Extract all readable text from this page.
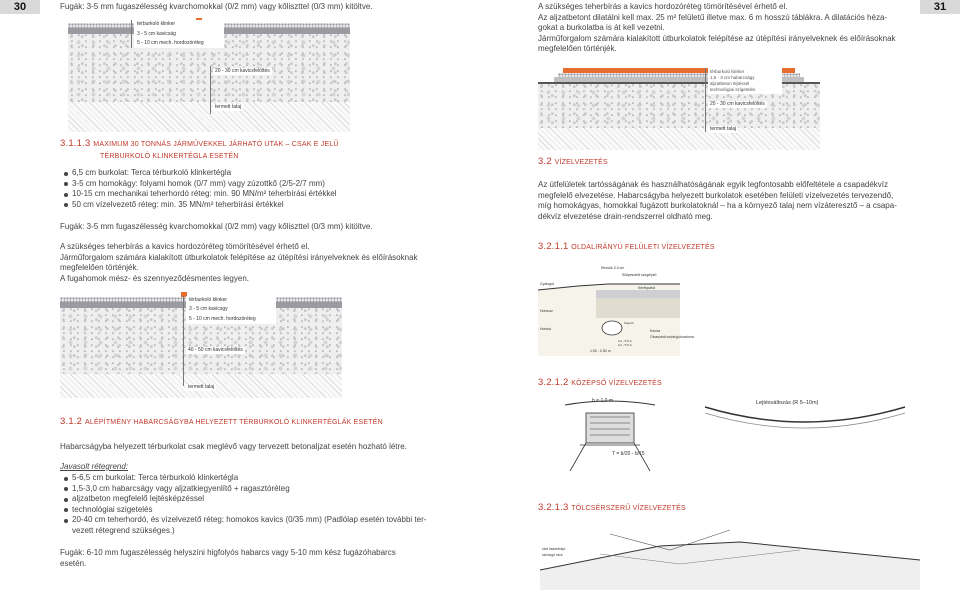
30	Fugák: 3-5 mm fugaszélesség kvarchomokkal (0/2 mm) vagy kőliszttel (0/3 mm) kitöltve.
térburkoló klinker
3 - 5 cm kavicság
5 - 10 cm mech. hordozóréteg
20 - 30 cm kavicsfelöltés
termett talaj
3.1.1.3 MAXIMUM 30 TONNÁS JÁRMŰVEKKEL JÁRHATÓ UTAK – CSAK E JELŰ
TÉRBURKOLÓ KLINKERTÉGLA ESETÉN
6,5 cm burkolat: Terca térburkoló klinkertégla
3-5 cm homokágy: folyami homok (0/7 mm) vagy zúzottkő (2/5-2/7 mm)
10-15 cm mechanikai teherhordó réteg: min. 90 MN/m² teherbírási értékkel
50 cm vízelvezető réteg: min. 35 MN/m² teherbírási értékkel
Fugák: 3-5 mm fugaszélesség kvarchomokkal (0/2 mm) vagy kőliszttel (0/3 mm) kitöltve.
A szükséges teherbírás a kavics hordozóréteg tömörítésével érhető el.
Járműforgalom számára kialakított útburkolatok felépítése az útépítési irányelveknek és előírásoknak
megfelelően történjék.
A fugahomok mész- és szennyeződésmentes legyen.
térburkoló klinker
3 - 5 cm kavicsgy
5 - 10 cm mech. hordozóréteg
40 - 50 cm kavicsfelöltés
termett talaj
3.1.2 ALÉPÍTMÉNY HABARCSÁGYBA HELYEZETT TÉRBURKOLÓ KLINKERTÉGLÁK ESETÉN
Habarcságyba helyezett térburkolat csak meglévő vagy tervezett betonaljzat esetén hozható létre.
Javasolt rétegrend:
5-6,5 cm burkolat: Terca térburkoló klinkertégla
1,5-3,0 cm habarcságy vagy aljzatkiegyenlítő + ragasztóréteg
aljzatbeton megfelelő lejtésképzéssel
technológiai szigetelés
20-40 cm teherhordó, és vízelvezető réteg: homokos kavics (0/35 mm) (Padlólap esetén további ter-
vezett rétegrend szükséges.)
Fugák: 6-10 mm fugaszélesség helyszíni higfolyós habarcs vagy 5-10 mm kész fugázóhabarcs
esetén.
31
A szükséges teherbírás a kavics hordozóréteg tömörítésével érhető el.
Az aljzatbetont dilatálni kell max. 25 m² felületű illetve max. 6 m hosszú táblákra. A dilatációs héza-
gokat a burkolatba is át kell vezetni.
Járműforgalom számára kialakított útburkolatok felépítése az útépítési irányelveknek és előírásoknak
megfelelően történjék.
térburkoló klinker
1,5 - 3 cm habarcságy
aljzatbeton lejtéssel
technológiai szigetelés
20 - 30 cm kavicsfelöltés
termett talaj
3.2 VÍZELVEZETÉS
Az útfelületek tartósságának és használhatóságának egyik legfontosabb előfeltétele a csapadékvíz
megfelelő elvezetése. Habarcságyba helyezett burkolatok esetében felületi vízelvezetés tervezendő,
míg homokágyas, homokkal fugázott burkolatoknál – ha a környező talaj nem vízáteresztő – a csapa-
dékvíz elvezetése drain-rendszerrel oldható meg.
3.2.1.1 OLDALIRÁNYÚ FELÜLETI VÍZELVEZETÉS
Rézsűk 3-4 cm
Süllyesztett szegélykő
Gyalogút
Kerékpárút
Humusz
Homok	Kavics
Ülepítő
Olvasztott szivárgó/csatorna
1,50 - 2,50 m
1/s - 5,5 m
1/s - 5,5 m
3.2.1.2 KÖZÉPSŐ VÍZELVEZETÉS
b = 1,0 m
T = b/20 - b/15
Lejtésváltozás (R 5–10m)
3.2.1.3 TÖLCSÉRSZERŰ VÍZELVEZETÉS
zárt összefolyó
szivárgó rács
